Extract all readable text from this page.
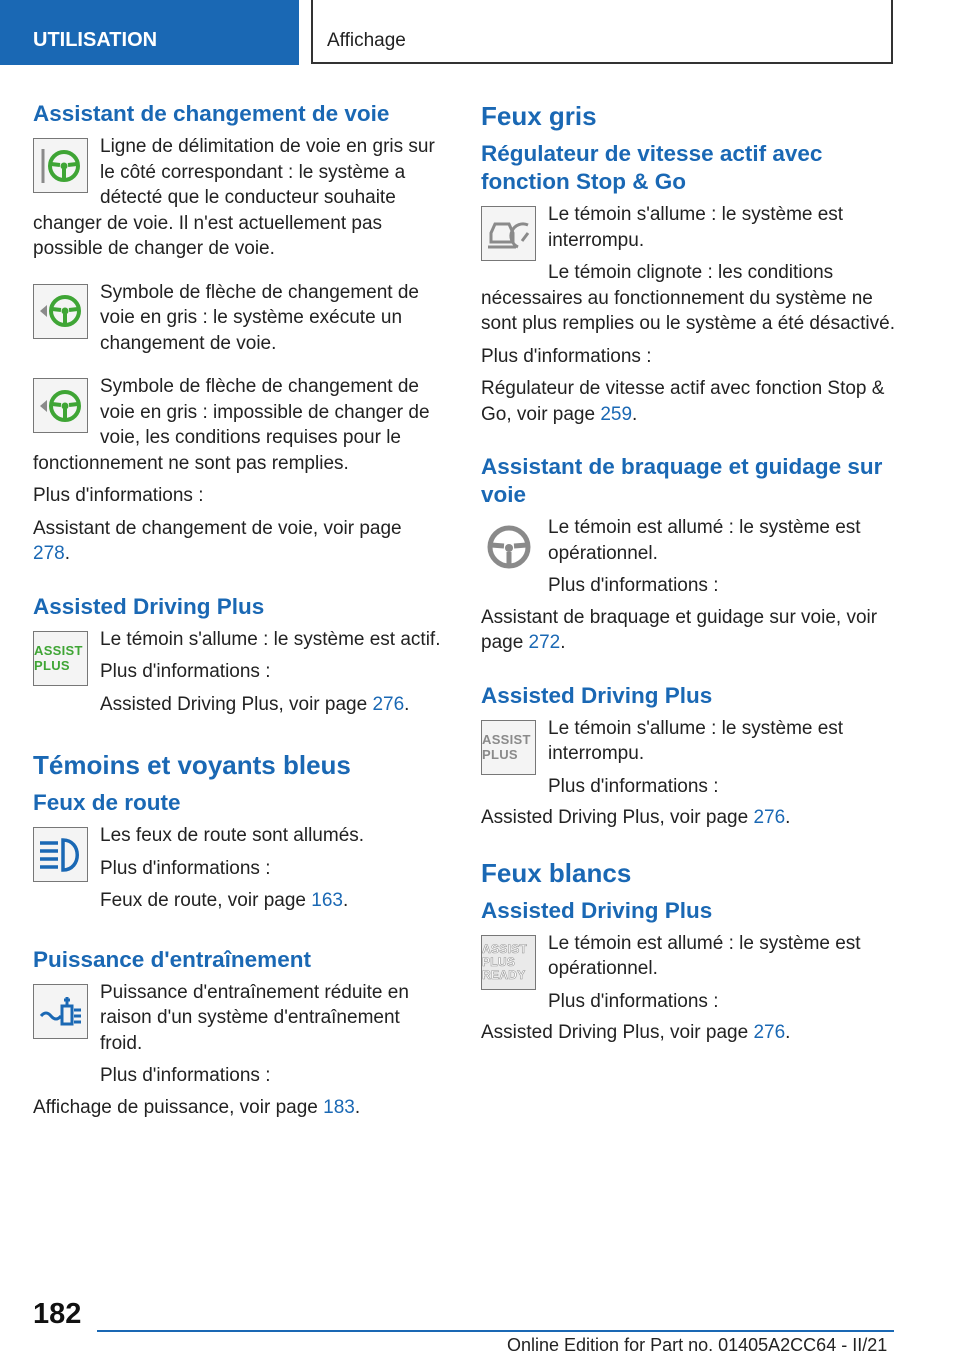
UTILISATION	Affichage
Assistant de changement de voie

Ligne de délimitation de voie en gris sur le côté correspondant : le système a détecté que le conducteur souhaite changer de voie. Il n'est actuellement pas possible de changer de voie.

Symbole de flèche de changement de voie en gris : le système exécute un changement de voie.

Symbole de flèche de changement de voie en gris : impossible de changer de voie, les conditions requises pour le fonctionnement ne sont pas remplies.

Plus d'informations :

Assistant de changement de voie, voir page 278.

Assisted Driving Plus
ASSIST PLUS

Le témoin s'allume : le système est actif.

Plus d'informations :

Assisted Driving Plus, voir page 276.

Témoins et voyants bleus
Feux de route

Les feux de route sont allumés.

Plus d'informations :

Feux de route, voir page 163.

Puissance d'entraînement

Puissance d'entraînement réduite en raison d'un système d'entraînement froid.

Plus d'informations :

Affichage de puissance, voir page 183.

Feux gris
Régulateur de vitesse actif avec fonction Stop & Go

Le témoin s'allume : le système est interrompu.

Le témoin clignote : les conditions nécessaires au fonctionnement du système ne sont plus remplies ou le système a été désactivé.

Plus d'informations :

Régulateur de vitesse actif avec fonction Stop & Go, voir page 259.

Assistant de braquage et guidage sur voie

Le témoin est allumé : le système est opérationnel.

Plus d'informations :

Assistant de braquage et guidage sur voie, voir page 272.

Assisted Driving Plus
ASSIST PLUS

Le témoin s'allume : le système est interrompu.

Plus d'informations :

Assisted Driving Plus, voir page 276.

Feux blancs
Assisted Driving Plus
ASSIST PLUS READY

Le témoin est allumé : le système est opérationnel.

Plus d'informations :

Assisted Driving Plus, voir page 276.

182
Online Edition for Part no. 01405A2CC64 - II/21
